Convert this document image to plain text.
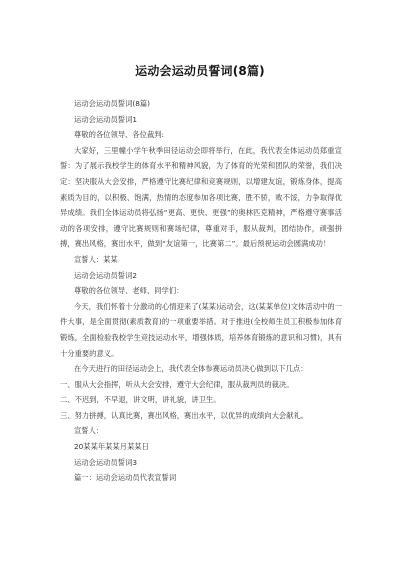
运动会运动员誓词(8篇)

运动会运动员誓词(8篇)

运动会运动员誓词1

尊敬的各位领导、各位裁判:

大家好，三里幢小学午秋季田径运动会即将举行，在此，我代表全体运动员郑重宣誓：为了展示我校学生的体育水平和精神风貌，为了体育的光荣和团队的荣誉，我们决定：坚决服从大会安排，严格遵守比赛纪律和竞赛规则，以增建友谊，锻炼身体，提高素质为目的，以积极、饱满，热情的态度参加各项比赛，胜不骄，败不馁，力争取得优异成绩。我们全体运动员将弘扬“更高、更快、更强”的奥林匹克精神，严格遵守赛事活动的各项安排，遵守比赛规则和赛场纪律，尊重对手，服从裁判，团结协作，顽强拼搏，赛出风格，赛出水平，做到“友谊第一，比赛第二”。最后预祝运动会圆满成功！

宣誓人：某某

运动会运动员誓词2

尊敬的各位领导、老师、同学们：

今天，我们怀着十分激动的心情迎来了(某某)运动会，这(某某单位)文体活动中的一件大事，是全面贯彻(素质教育)的一项重要举措。对于推进(全校师生员工积极参加体育锻炼，全面检验我校学生竞技运动水平，增强体质，培养体育锻炼的意识和习惯)，具有十分重要的意义。

在今天进行的田径运动会上，我代表全体参赛运动员决心做到以下几点：

一、服从大会指挥，听从大会安排，遵守大会纪律，服从裁判员的裁决。

二、不迟到，不早退，讲文明，讲礼貌，讲卫生。

三、努力拼搏，认真比赛，赛出风格，赛出水平，以优异的成绩向大会献礼。

宣誓人：

20某某年某某月某某日

运动会运动员誓词3

篇一：运动会运动员代表宣誓词
